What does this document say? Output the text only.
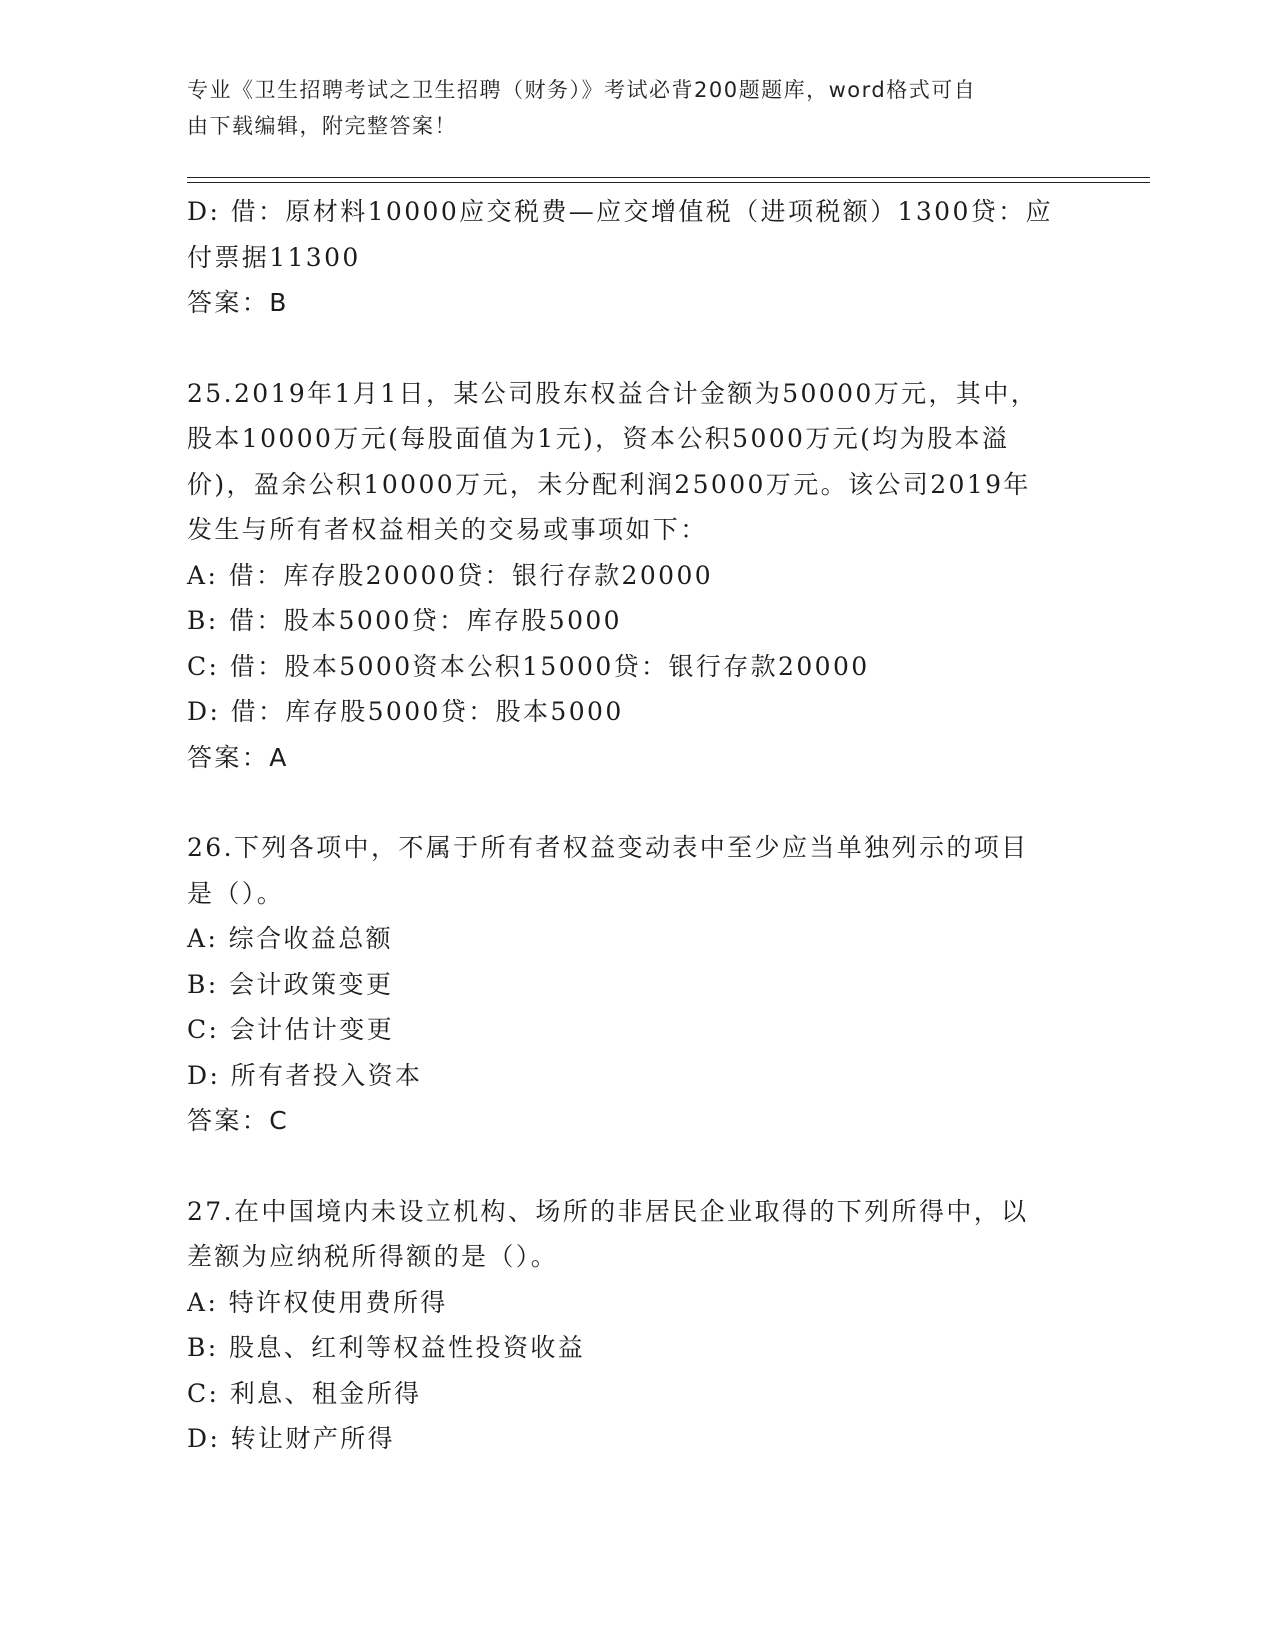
专业《卫生招聘考试之卫生招聘（财务）》考试必背200题题库，word格式可自
由下载编辑，附完整答案！

D: 借：原材料10000应交税费—应交增值税（进项税额）1300贷：应

付票据11300

答案：B

25.2019年1月1日，某公司股东权益合计金额为50000万元，其中，

股本10000万元(每股面值为1元)，资本公积5000万元(均为股本溢

价)，盈余公积10000万元，未分配利润25000万元。该公司2019年

发生与所有者权益相关的交易或事项如下：

A: 借：库存股20000贷：银行存款20000

B: 借：股本5000贷：库存股5000

C: 借：股本5000资本公积15000贷：银行存款20000

D: 借：库存股5000贷：股本5000

答案：A

26.下列各项中，不属于所有者权益变动表中至少应当单独列示的项目

是（）。

A: 综合收益总额

B: 会计政策变更

C: 会计估计变更

D: 所有者投入资本

答案：C

27.在中国境内未设立机构、场所的非居民企业取得的下列所得中，以

差额为应纳税所得额的是（）。

A: 特许权使用费所得

B: 股息、红利等权益性投资收益

C: 利息、租金所得

D: 转让财产所得
